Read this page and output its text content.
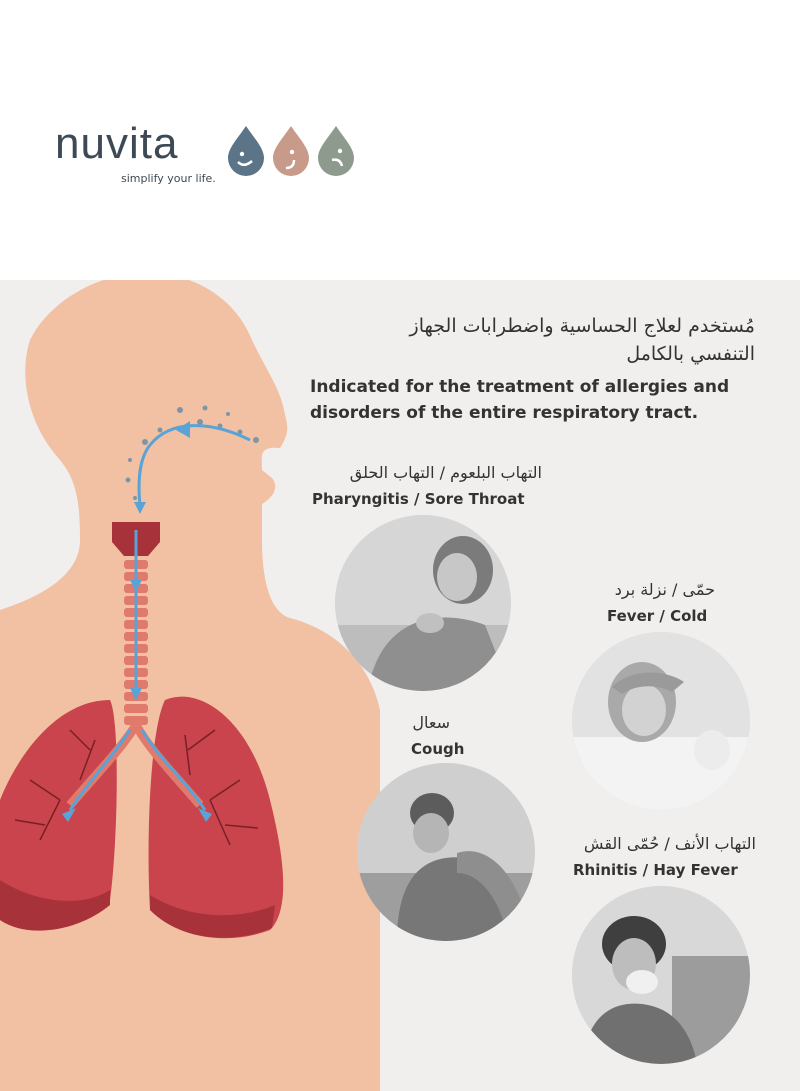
nuvita
simplify your life.
مُستخدم لعلاج الحساسية واضطرابات الجهاز
التنفسي بالكامل
Indicated for the treatment of allergies and
disorders of the entire respiratory tract.
التهاب البلعوم / التهاب الحلق
Pharyngitis / Sore Throat
حمّى / نزلة برد
Fever / Cold
سعال
Cough
التهاب الأنف / حُمّى القش
Rhinitis / Hay Fever
